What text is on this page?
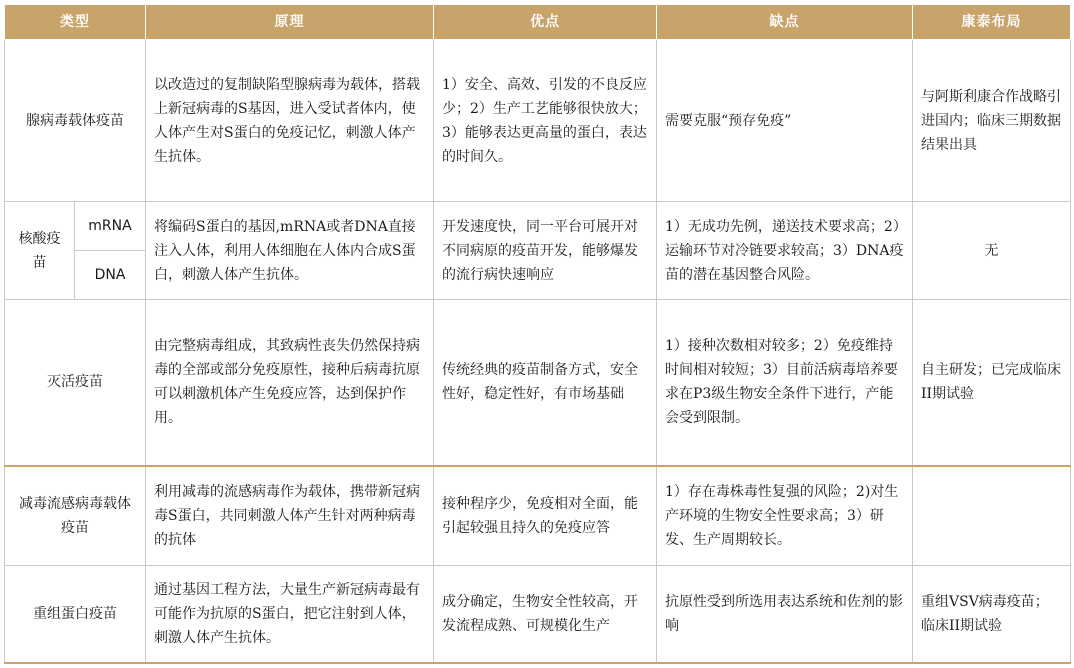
类型		原理	优点	缺点	康泰布局
腺病毒载体疫苗		以改造过的复制缺陷型腺病毒为载体，搭载上新冠病毒的S基因，进入受试者体内，使人体产生对S蛋白的免疫记忆，刺激人体产生抗体。	1）安全、高效、引发的不良反应少；2）生产工艺能够很快放大；3）能够表达更高量的蛋白，表达的时间久。	需要克服“预存免疫”	与阿斯利康合作战略引进国内；临床三期数据结果出具
核酸疫苗	mRNA	将编码S蛋白的基因,mRNA或者DNA直接注入人体，利用人体细胞在人体内合成S蛋白，刺激人体产生抗体。	开发速度快，同一平台可展开对不同病原的疫苗开发，能够爆发的流行病快速响应	1）无成功先例，递送技术要求高；2）运输环节对冷链要求较高；3）DNA疫苗的潜在基因整合风险。	无
	DNA				
灭活疫苗		由完整病毒组成，其致病性丧失仍然保持病毒的全部或部分免疫原性，接种后病毒抗原可以刺激机体产生免疫应答，达到保护作用。	传统经典的疫苗制备方式，安全性好，稳定性好，有市场基础	1）接种次数相对较多；2）免疫维持时间相对较短；3）目前活病毒培养要求在P3级生物安全条件下进行，产能会受到限制。	自主研发；已完成临床II期试验
减毒流感病毒载体疫苗		利用减毒的流感病毒作为载体，携带新冠病毒S蛋白，共同刺激人体产生针对两种病毒的抗体	接种程序少，免疫相对全面，能引起较强且持久的免疫应答	1）存在毒株毒性复强的风险；2)对生产环境的生物安全性要求高；3）研发、生产周期较长。	
重组蛋白疫苗		通过基因工程方法，大量生产新冠病毒最有可能作为抗原的S蛋白，把它注射到人体，刺激人体产生抗体。	成分确定，生物安全性较高，开发流程成熟、可规模化生产	抗原性受到所选用表达系统和佐剂的影响	重组VSV病毒疫苗；临床II期试验
